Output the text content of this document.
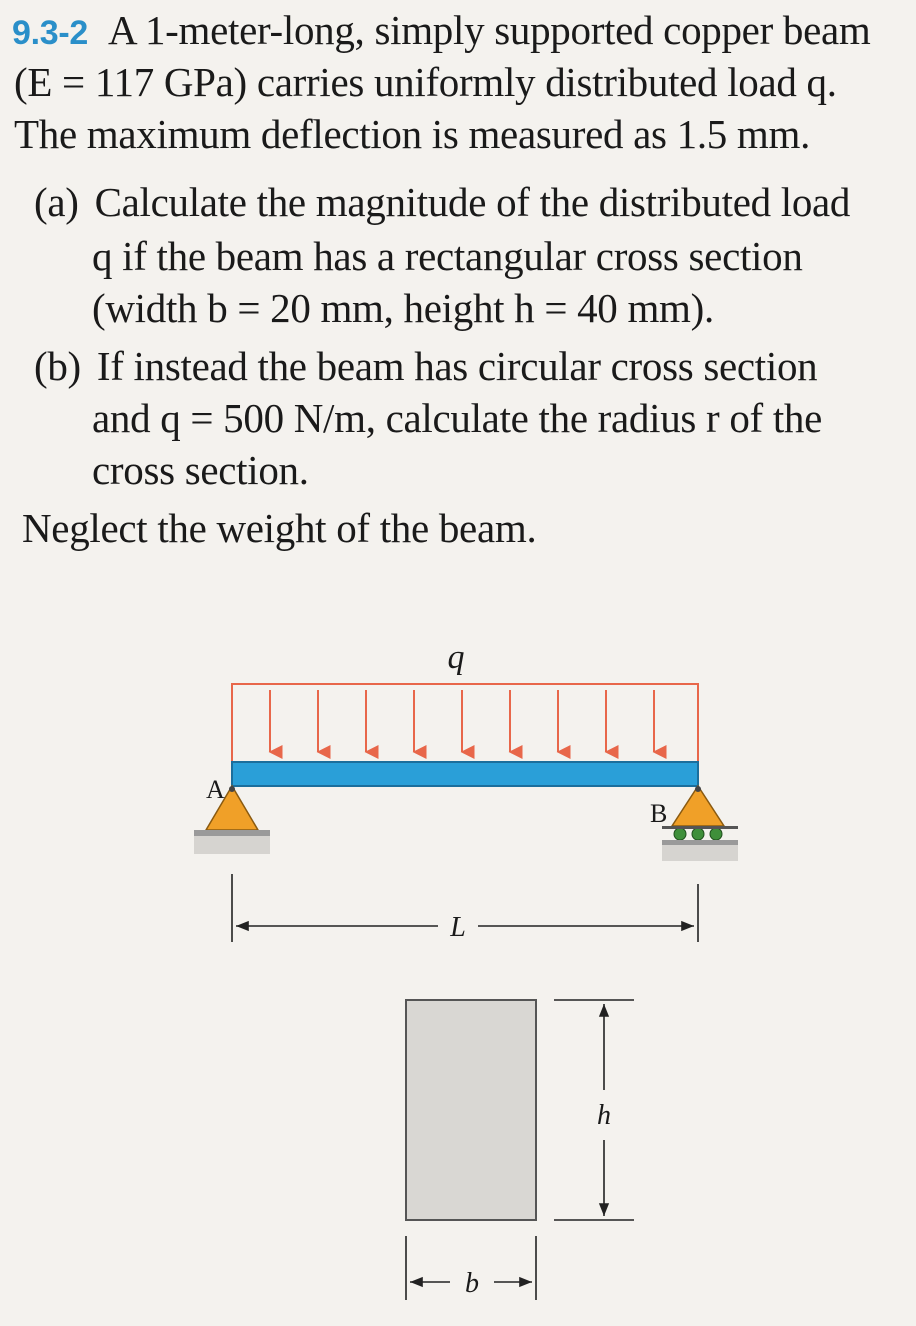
9.3-2 A 1-meter-long, simply supported copper beam
(E = 117 GPa) carries uniformly distributed load q.
The maximum deflection is measured as 1.5 mm.
(a) Calculate the magnitude of the distributed load
q if the beam has a rectangular cross section
(width b = 20 mm, height h = 40 mm).
(b) If instead the beam has circular cross section
and q = 500 N/m, calculate the radius r of the
cross section.
Neglect the weight of the beam.
q
A
B
L
h
b
